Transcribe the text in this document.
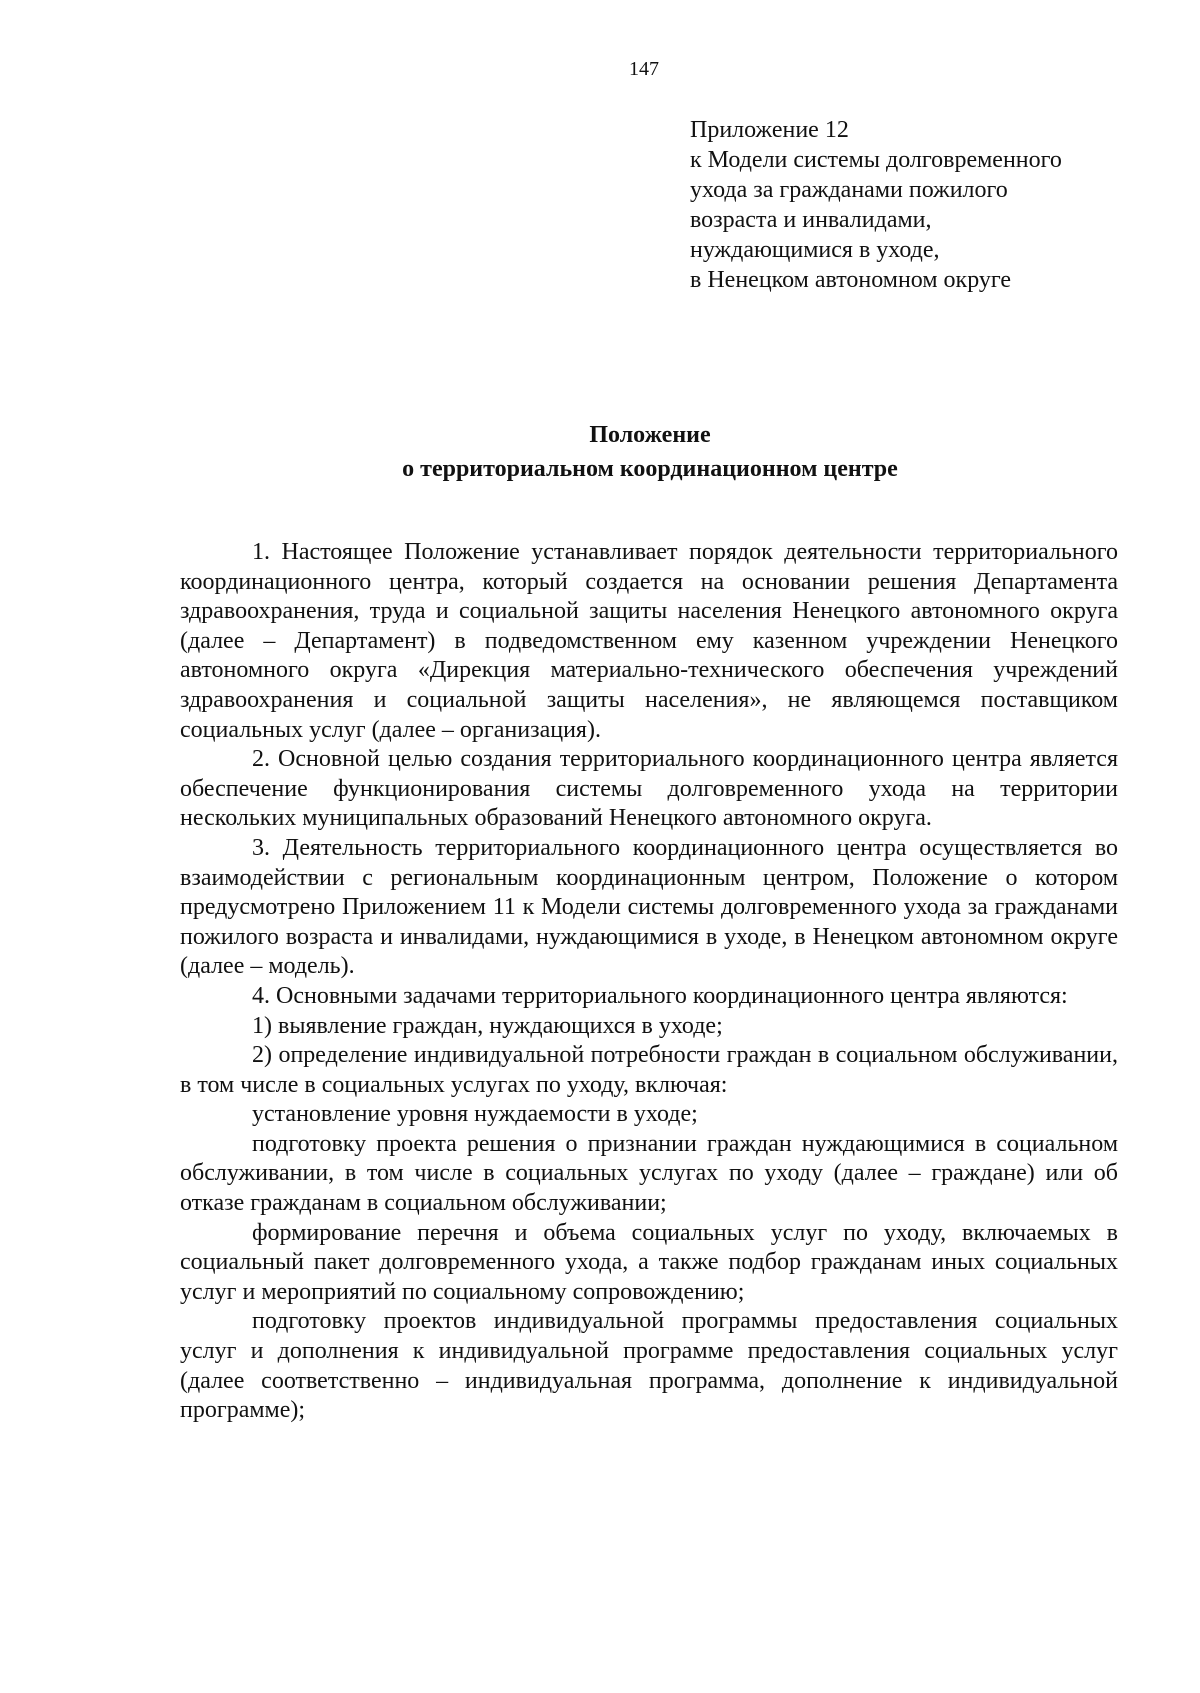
147
Приложение 12
к Модели системы долговременного
ухода за гражданами пожилого
возраста и инвалидами,
нуждающимися в уходе,
в Ненецком автономном округе
Положение
о территориальном координационном центре

1. Настоящее Положение устанавливает порядок деятельности территориального координационного центра, который создается на основании решения Департамента здравоохранения, труда и социальной защиты населения Ненецкого автономного округа (далее – Департамент) в подведомственном ему казенном учреждении Ненецкого автономного округа «Дирекция материально-технического обеспечения учреждений здравоохранения и социальной защиты населения», не являющемся поставщиком социальных услуг (далее – организация).

2. Основной целью создания территориального координационного центра является обеспечение функционирования системы долговременного ухода на территории нескольких муниципальных образований Ненецкого автономного округа.

3. Деятельность территориального координационного центра осуществляется во взаимодействии с региональным координационным центром, Положение о котором предусмотрено Приложением 11 к Модели системы долговременного ухода за гражданами пожилого возраста и инвалидами, нуждающимися в уходе, в Ненецком автономном округе (далее – модель).

4. Основными задачами территориального координационного центра являются:

1) выявление граждан, нуждающихся в уходе;

2) определение индивидуальной потребности граждан в социальном обслуживании, в том числе в социальных услугах по уходу, включая:

установление уровня нуждаемости в уходе;

подготовку проекта решения о признании граждан нуждающимися в социальном обслуживании, в том числе в социальных услугах по уходу (далее – граждане) или об отказе гражданам в социальном обслуживании;

формирование перечня и объема социальных услуг по уходу, включаемых в социальный пакет долговременного ухода, а также подбор гражданам иных социальных услуг и мероприятий по социальному сопровождению;

подготовку проектов индивидуальной программы предоставления социальных услуг и дополнения к индивидуальной программе предоставления социальных услуг (далее соответственно – индивидуальная программа, дополнение к индивидуальной программе);
